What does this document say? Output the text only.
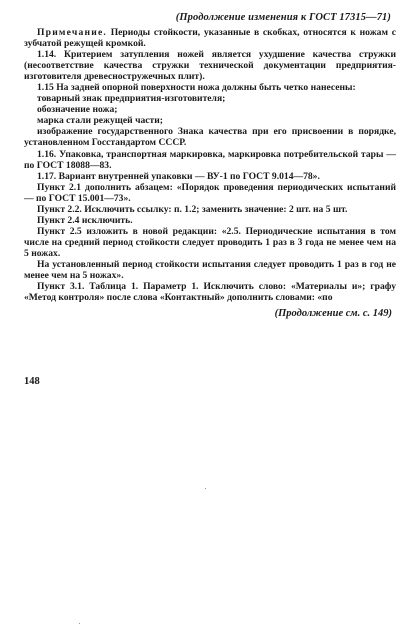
(Продолжение изменения к ГОСТ 17315—71)

Примечание. Периоды стойкости, указанные в скобках, относятся к ножам с зубчатой режущей кромкой.

1.14. Критерием затупления ножей является ухудшение качества стружки (несоответствие качества стружки технической документации предприятия-изготовителя древесностружечных плит).

1.15 На задней опорной поверхности ножа должны быть четко нанесены:

товарный знак предприятия-изготовителя;

обозначение ножа;

марка стали режущей части;

изображение государственного Знака качества при его присвоении в порядке, установленном Госстандартом СССР.

1.16. Упаковка, транспортная маркировка, маркировка потребительской тары — по ГОСТ 18088—83.

1.17. Вариант внутренней упаковки — ВУ-1 по ГОСТ 9.014—78».

Пункт 2.1 дополнить абзацем: «Порядок проведения периодических испытаний — по ГОСТ 15.001—73».

Пункт 2.2. Исключить ссылку: п. 1.2; заменить значение: 2 шт. на 5 шт.

Пункт 2.4 исключить.

Пункт 2.5 изложить в новой редакции: «2.5. Периодические испытания в том числе на средний период стойкости следует проводить 1 раз в 3 года не менее чем на 5 ножах.

На установленный период стойкости испытания следует проводить 1 раз в год не менее чем на 5 ножах».

Пункт 3.1. Таблица 1. Параметр 1. Исключить слово: «Материалы и»; графу «Метод контроля» после слова «Контактный» дополнить словами: «по

(Продолжение см. с. 149)
148
